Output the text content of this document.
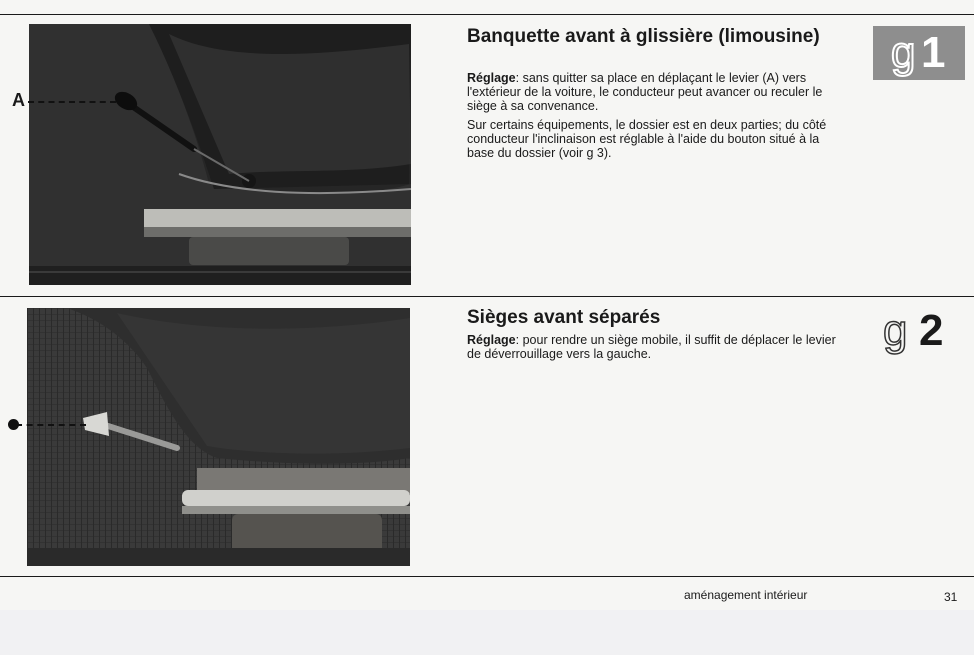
A
Banquette avant à glissière (limousine)

Réglage: sans quitter sa place en déplaçant le levier (A) vers l'extérieur de la voiture, le conducteur peut avancer ou reculer le siège à sa convenance.

Sur certains équipements, le dossier est en deux parties; du côté conducteur l'inclinaison est réglable à l'aide du bouton situé à la base du dossier (voir g 3).

g 1
Sièges avant séparés

Réglage: pour rendre un siège mobile, il suffit de déplacer le levier de déverrouillage vers la gauche.	g 2
aménagement intérieur	31
